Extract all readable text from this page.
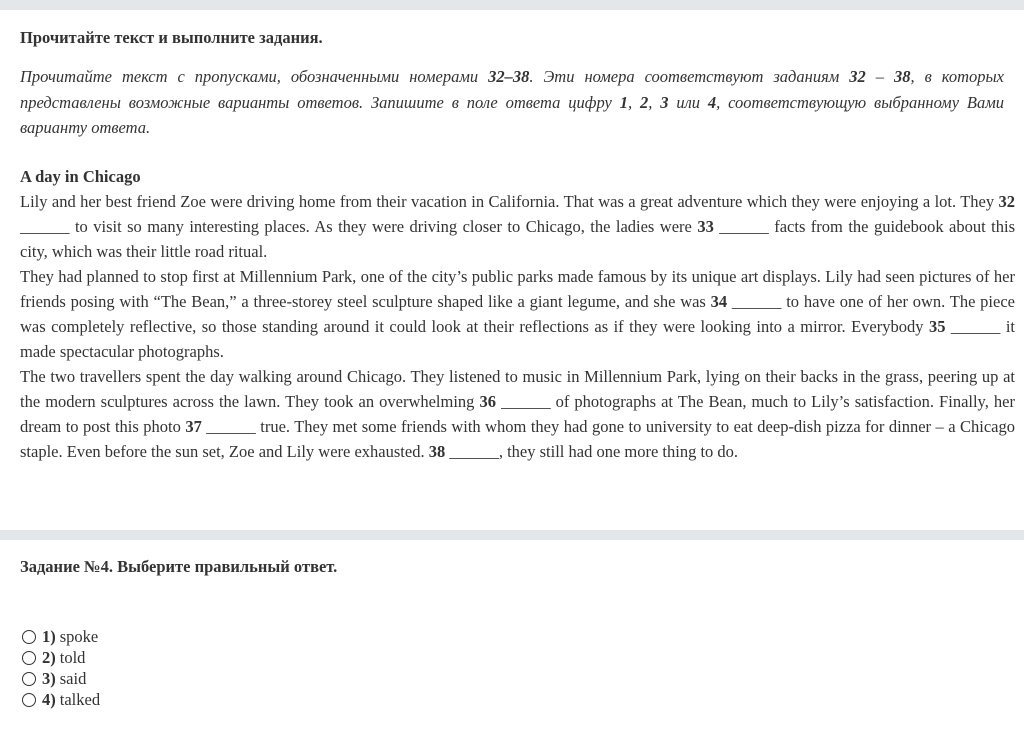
Прочитайте текст и выполните задания.

Прочитайте текст с пропусками, обозначенными номерами 32–38. Эти номера соответствуют заданиям 32 – 38, в которых представлены возможные варианты ответов. Запишите в поле ответа цифру 1, 2, 3 или 4, соответствующую выбранному Вами варианту ответа.

A day in Chicago
Lily and her best friend Zoe were driving home from their vacation in California. That was a great adventure which they were enjoying a lot. They 32 ______ to visit so many interesting places. As they were driving closer to Chicago, the ladies were 33 ______ facts from the guidebook about this city, which was their little road ritual.
They had planned to stop first at Millennium Park, one of the city’s public parks made famous by its unique art displays. Lily had seen pictures of her friends posing with “The Bean,” a three-storey steel sculpture shaped like a giant legume, and she was 34 ______ to have one of her own. The piece was completely reflective, so those standing around it could look at their reflections as if they were looking into a mirror. Everybody 35 ______ it made spectacular photographs.
The two travellers spent the day walking around Chicago. They listened to music in Millennium Park, lying on their backs in the grass, peering up at the modern sculptures across the lawn. They took an overwhelming 36 ______ of photographs at The Bean, much to Lily’s satisfaction. Finally, her dream to post this photo 37 ______ true. They met some friends with whom they had gone to university to eat deep-dish pizza for dinner – a Chicago staple. Even before the sun set, Zoe and Lily were exhausted. 38 ______, they still had one more thing to do.
Задание №4. Выберите правильный ответ.
1) spoke
2) told
3) said
4) talked
